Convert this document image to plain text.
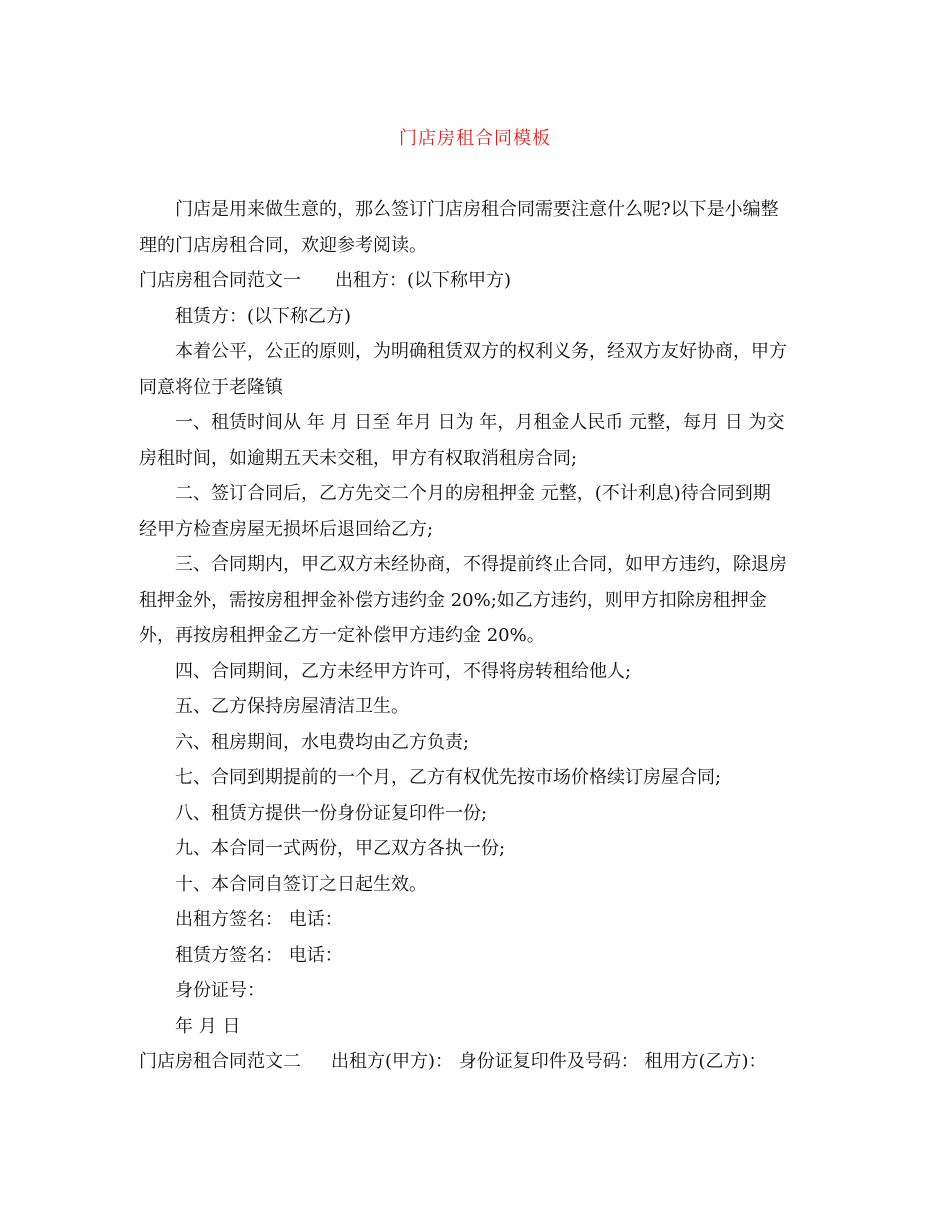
门店房租合同模板

门店是用来做生意的，那么签订门店房租合同需要注意什么呢?以下是小编整
理的门店房租合同，欢迎参考阅读。

门店房租合同范文一 出租方：(以下称甲方)

租赁方：(以下称乙方)

本着公平，公正的原则，为明确租赁双方的权利义务，经双方友好协商，甲方
同意将位于老隆镇

一、租赁时间从 年 月 日至 年月 日为 年，月租金人民币 元整，每月 日 为交
房租时间，如逾期五天未交租，甲方有权取消租房合同;

二、签订合同后，乙方先交二个月的房租押金 元整，(不计利息)待合同到期
经甲方检查房屋无损坏后退回给乙方;

三、合同期内，甲乙双方未经协商，不得提前终止合同，如甲方违约，除退房
租押金外，需按房租押金补偿方违约金 20%;如乙方违约，则甲方扣除房租押金
外，再按房租押金乙方一定补偿甲方违约金 20%。

四、合同期间，乙方未经甲方许可，不得将房转租给他人;

五、乙方保持房屋清洁卫生。

六、租房期间，水电费均由乙方负责;

七、合同到期提前的一个月，乙方有权优先按市场价格续订房屋合同;

八、租赁方提供一份身份证复印件一份;

九、本合同一式两份，甲乙双方各执一份;

十、本合同自签订之日起生效。

出租方签名： 电话：

租赁方签名： 电话：

身份证号：

年 月 日

门店房租合同范文二 出租方(甲方)： 身份证复印件及号码： 租用方(乙方)：
